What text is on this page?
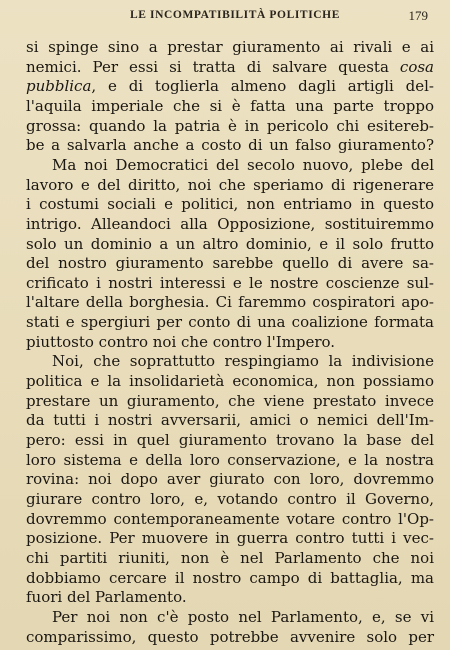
LE INCOMPATIBILITÀ POLITICHE	179
si spinge sino a prestar giuramento ai rivali e ai
nemici. Per essi si tratta di salvare questa cosa
pubblica, e di toglierla almeno dagli artigli del-
l'aquila imperiale che si è fatta una parte troppo
grossa: quando la patria è in pericolo chi esitereb-
be a salvarla anche a costo di un falso giuramento?
Ma noi Democratici del secolo nuovo, plebe del
lavoro e del diritto, noi che speriamo di rigenerare
i costumi sociali e politici, non entriamo in questo
intrigo. Alleandoci alla Opposizione, sostituiremmo
solo un dominio a un altro dominio, e il solo frutto
del nostro giuramento sarebbe quello di avere sa-
crificato i nostri interessi e le nostre coscienze sul-
l'altare della borghesia. Ci faremmo cospiratori apo-
stati e spergiuri per conto di una coalizione formata
piuttosto contro noi che contro l'Impero.
Noi, che soprattutto respingiamo la indivisione
politica e la insolidarietà economica, non possiamo
prestare un giuramento, che viene prestato invece
da tutti i nostri avversarii, amici o nemici dell'Im-
pero: essi in quel giuramento trovano la base del
loro sistema e della loro conservazione, e la nostra
rovina: noi dopo aver giurato con loro, dovremmo
giurare contro loro, e, votando contro il Governo,
dovremmo contemporaneamente votare contro l'Op-
posizione. Per muovere in guerra contro tutti i vec-
chi partiti riuniti, non è nel Parlamento che noi
dobbiamo cercare il nostro campo di battaglia, ma
fuori del Parlamento.
Per noi non c'è posto nel Parlamento, e, se vi
comparissimo, questo potrebbe avvenire solo per
